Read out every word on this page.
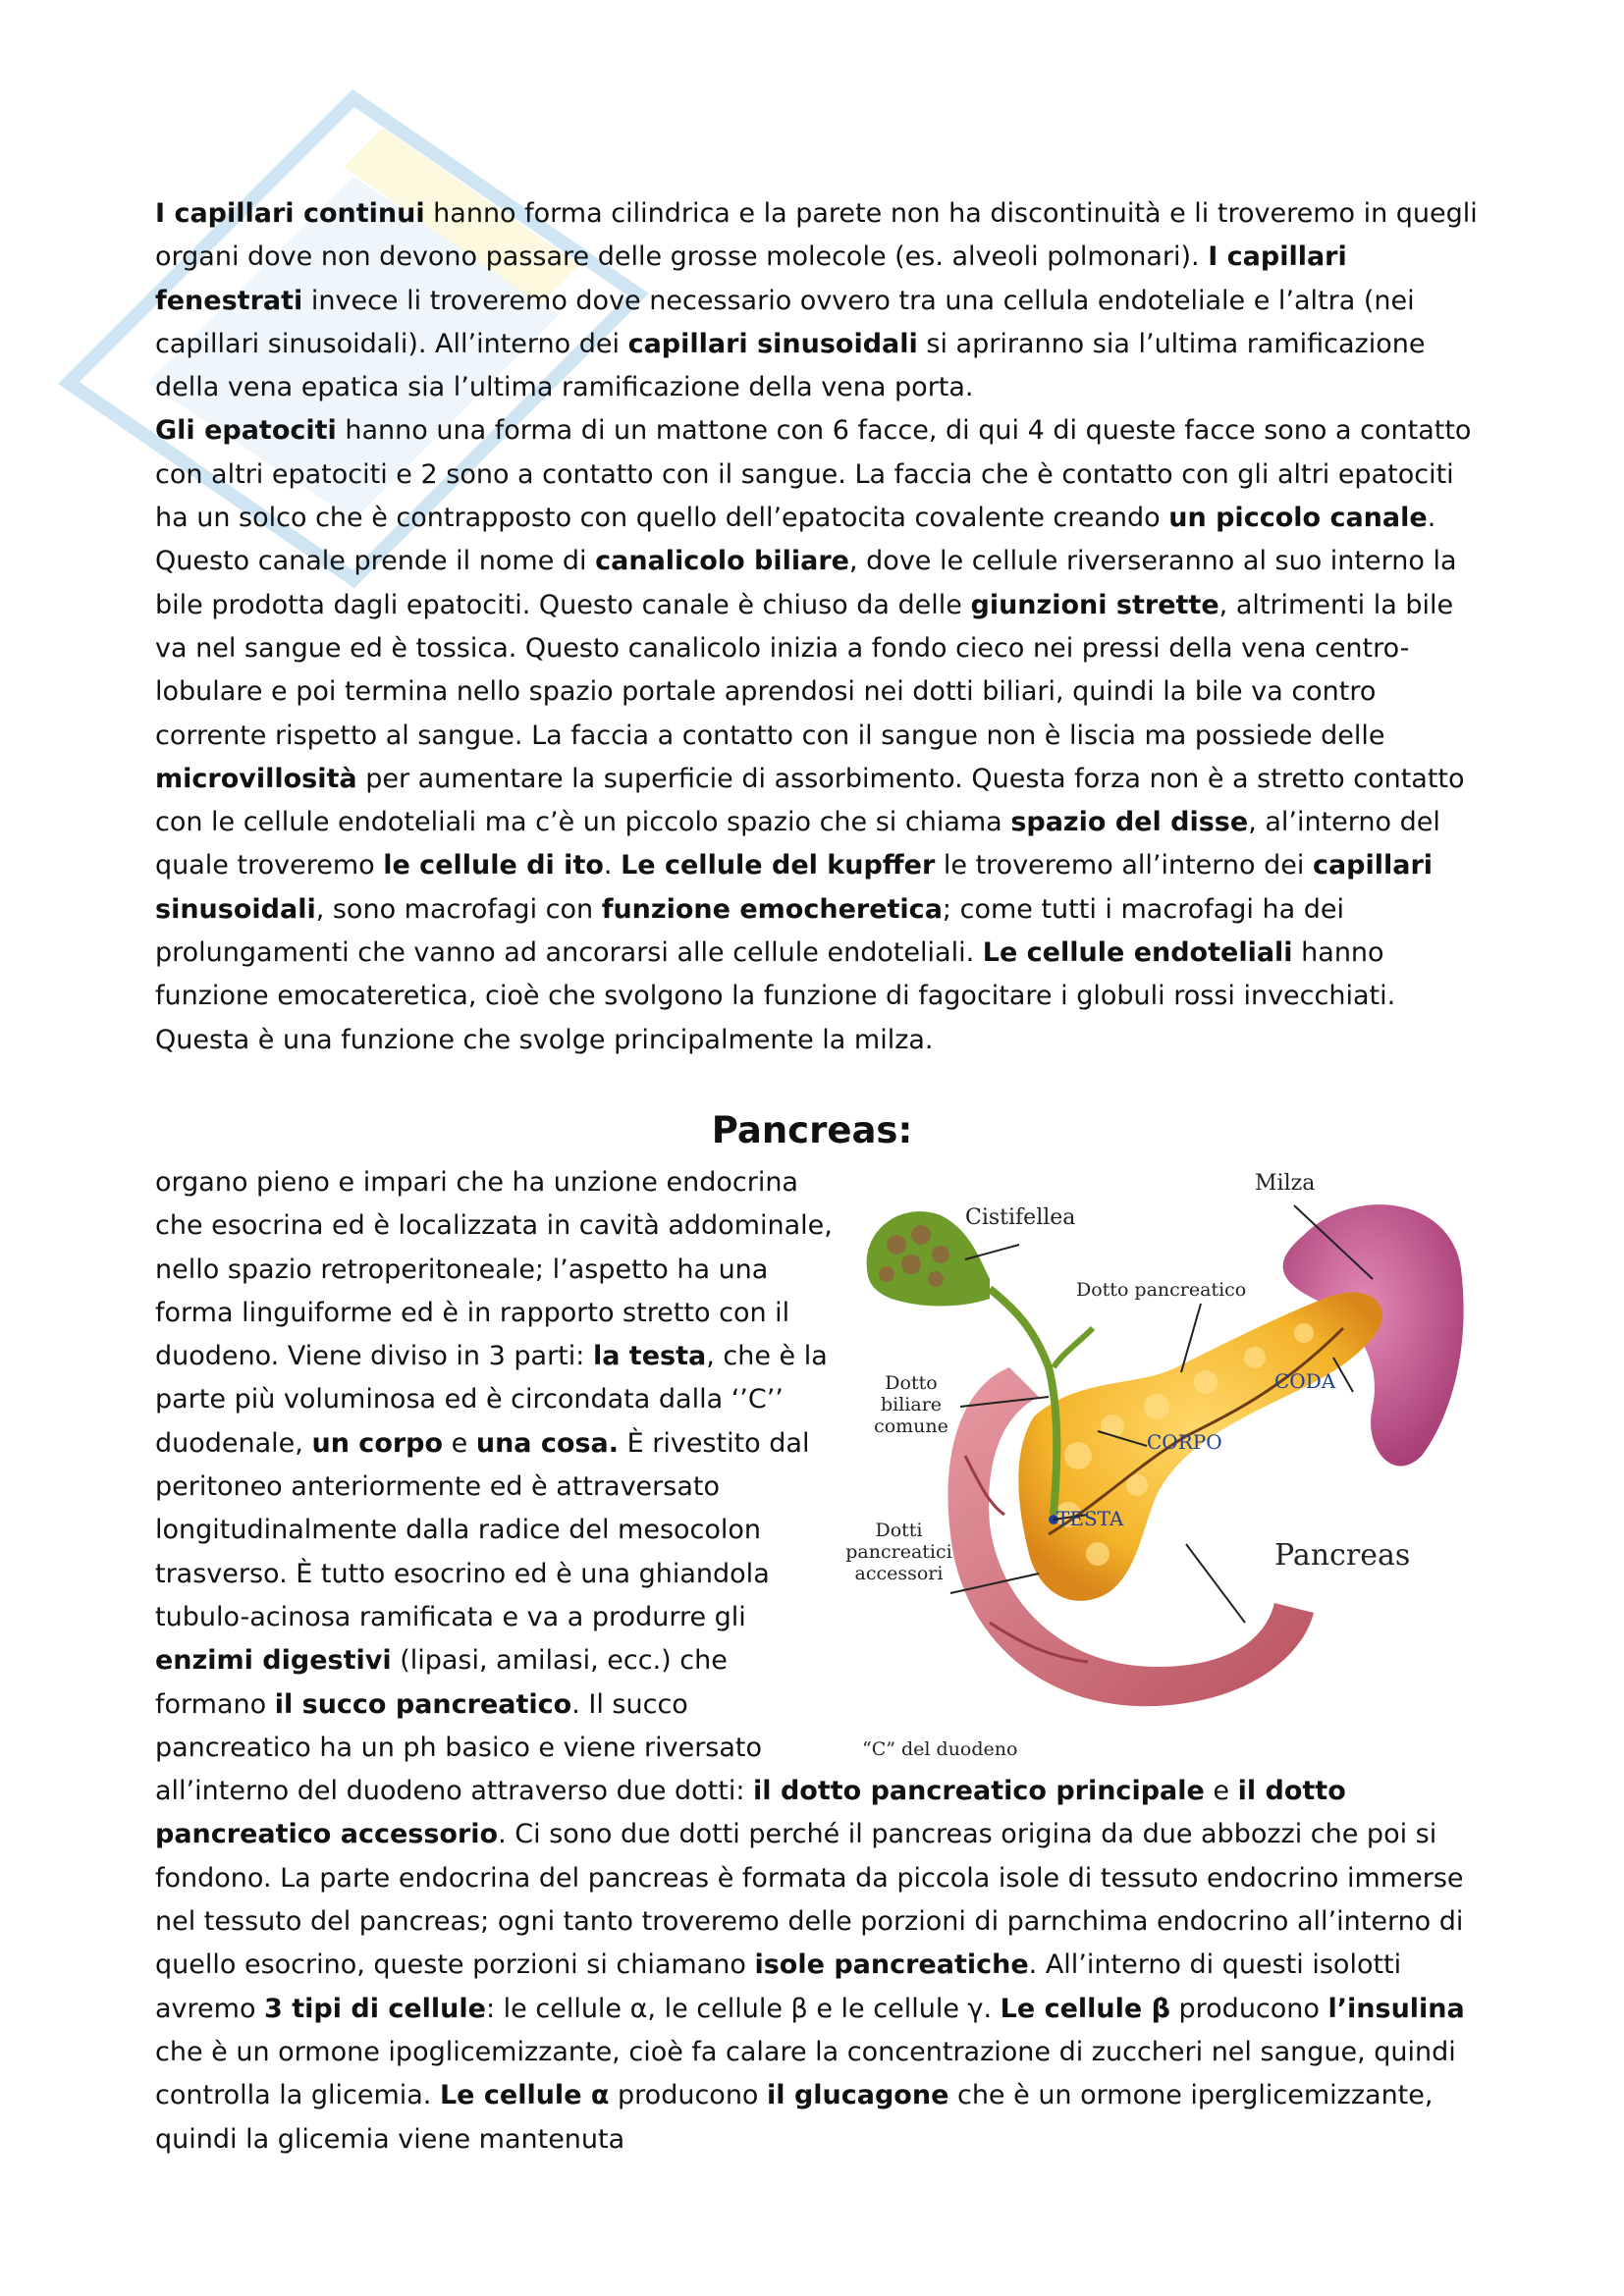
I capillari continui hanno forma cilindrica e la parete non ha discontinuità e li troveremo in quegli organi dove non devono passare delle grosse molecole (es. alveoli polmonari). I capillari fenestrati invece li troveremo dove necessario ovvero tra una cellula endoteliale e l’altra (nei capillari sinusoidali). All’interno dei capillari sinusoidali si apriranno sia l’ultima ramificazione della vena epatica sia l’ultima ramificazione della vena porta.

Gli epatociti hanno una forma di un mattone con 6 facce, di qui 4 di queste facce sono a contatto con altri epatociti e 2 sono a contatto con il sangue. La faccia che è contatto con gli altri epatociti ha un solco che è contrapposto con quello dell’epatocita covalente creando un piccolo canale. Questo canale prende il nome di canalicolo biliare, dove le cellule riverseranno al suo interno la bile prodotta dagli epatociti. Questo canale è chiuso da delle giunzioni strette, altrimenti la bile va nel sangue ed è tossica. Questo canalicolo inizia a fondo cieco nei pressi della vena centro-lobulare e poi termina nello spazio portale aprendosi nei dotti biliari, quindi la bile va contro corrente rispetto al sangue. La faccia a contatto con il sangue non è liscia ma possiede delle microvillosità per aumentare la superficie di assorbimento. Questa forza non è a stretto contatto con le cellule endoteliali ma c’è un piccolo spazio che si chiama spazio del disse, al’interno del quale troveremo le cellule di ito. Le cellule del kupffer le troveremo all’interno dei capillari sinusoidali, sono macrofagi con funzione emocheretica; come tutti i macrofagi ha dei prolungamenti che vanno ad ancorarsi alle cellule endoteliali. Le cellule endoteliali hanno funzione emocateretica, cioè che svolgono la funzione di fagocitare i globuli rossi invecchiati. Questa è una funzione che svolge principalmente la milza.

Pancreas:
Milza
Cistifellea
Dotto pancreatico
CODA
Dotto biliare comune
CORPO
TESTA
Dotti pancreatici accessori
Pancreas
“C” del duodeno

organo pieno e impari che ha unzione endocrina che esocrina ed è localizzata in cavità addominale, nello spazio retroperitoneale; l’aspetto ha una forma linguiforme ed è in rapporto stretto con il duodeno. Viene diviso in 3 parti: la testa, che è la parte più voluminosa ed è circondata dalla ‘’C’’ duodenale, un corpo e una cosa. È rivestito dal peritoneo anteriormente ed è attraversato longitudinalmente dalla radice del mesocolon trasverso. È tutto esocrino ed è una ghiandola tubulo-acinosa ramificata e va a produrre gli enzimi digestivi (lipasi, amilasi, ecc.) che formano il succo pancreatico. Il succo pancreatico ha un ph basico e viene riversato all’interno del duodeno attraverso due dotti: il dotto pancreatico principale e il dotto pancreatico accessorio. Ci sono due dotti perché il pancreas origina da due abbozzi che poi si fondono. La parte endocrina del pancreas è formata da piccola isole di tessuto endocrino immerse nel tessuto del pancreas; ogni tanto troveremo delle porzioni di parnchima endocrino all’interno di quello esocrino, queste porzioni si chiamano isole pancreatiche. All’interno di questi isolotti avremo 3 tipi di cellule: le cellule α, le cellule β e le cellule γ. Le cellule β producono l’insulina che è un ormone ipoglicemizzante, cioè fa calare la concentrazione di zuccheri nel sangue, quindi controlla la glicemia. Le cellule α producono il glucagone che è un ormone iperglicemizzante, quindi la glicemia viene mantenuta
